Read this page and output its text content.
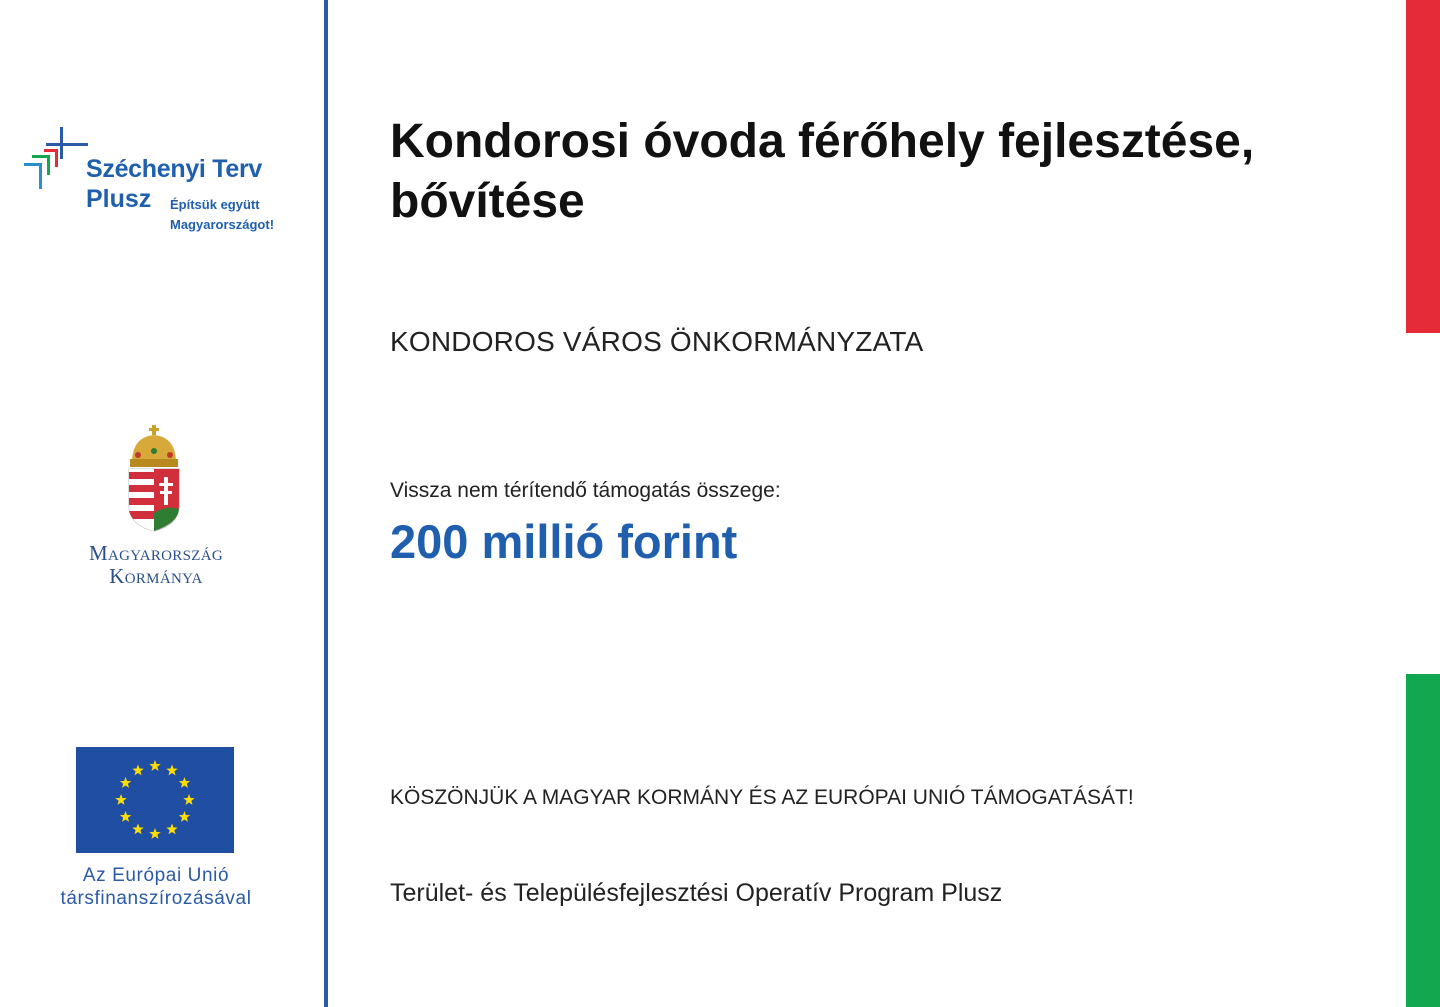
Széchenyi Terv
Plusz Építsük együtt
Magyarországot!
Magyarország
Kormánya
Az Európai Unió
társfinanszírozásával
Kondorosi óvoda férőhely fejlesztése, bővítése
KONDOROS VÁROS ÖNKORMÁNYZATA
Vissza nem térítendő támogatás összege:
200 millió forint
KÖSZÖNJÜK A MAGYAR KORMÁNY ÉS AZ EURÓPAI UNIÓ TÁMOGATÁSÁT!
Terület- és Településfejlesztési Operatív Program Plusz
